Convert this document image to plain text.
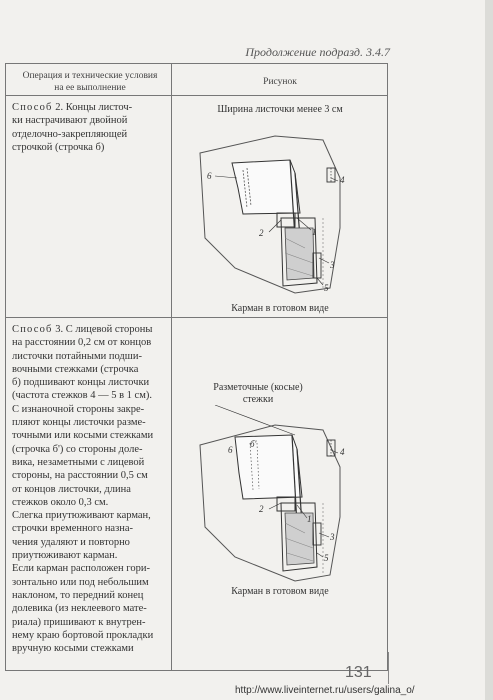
Продолжение подразд. 3.4.7
Операция и технические условия
на ее выполнение
Рисунок
Способ 2. Концы листоч-
ки настрачивают двойной
отделочно-закрепляющей
строчкой (строчка б)
Ширина листочки менее 3 см
6	4
1
2
3
5
Карман в готовом виде
Способ 3. С лицевой стороны
на расстоянии 0,2 см от концов
листочки потайными подши-
вочными стежками (строчка
б) подшивают концы листочки
(частота стежков 4 — 5 в 1 см).
С изнаночной стороны закре-
пляют концы листочки разме-
точными или косыми стежками
(строчка б') со стороны доле-
вика, незаметными с лицевой
стороны, на расстоянии 0,5 см
от концов листочки, длина
стежков около 0,3 см.
Слегка приутюживают карман,
строчки временного назна-
чения удаляют и повторно
приутюживают карман.
Если карман расположен гори-
зонтально или под небольшим
наклоном, то передний конец
долевика (из неклеевого мате-
риала) пришивают к внутрен-
нему краю бортовой прокладки
вручную косыми стежками
Разметочные (косые)
стежки
6
б'
4
2
1
3
5
Карман в готовом виде
131
http://www.liveinternet.ru/users/galina_o/
